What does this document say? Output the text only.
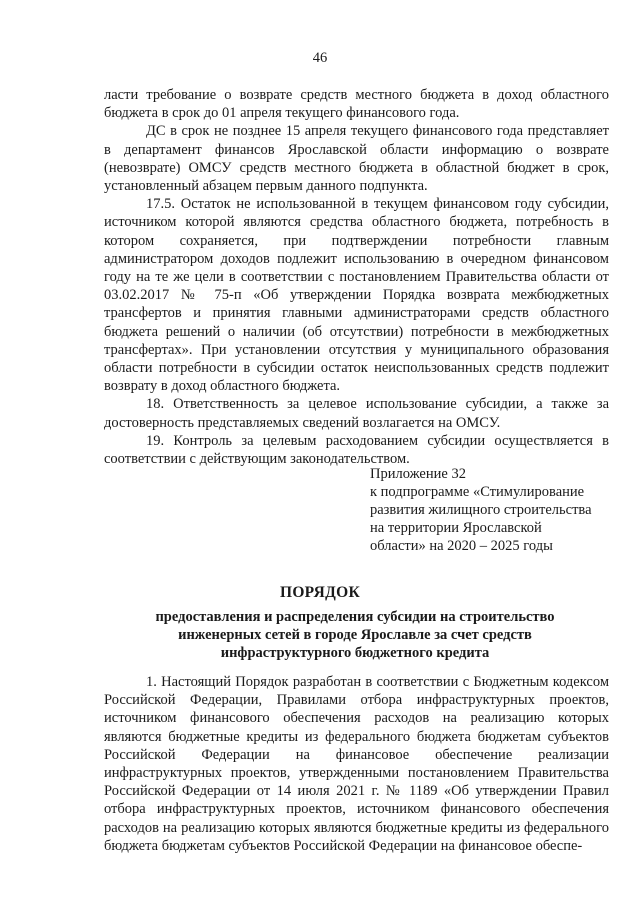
46

ласти требование о возврате средств местного бюджета в доход областного бюджета в срок до 01 апреля текущего финансового года.

ДС в срок не позднее 15 апреля текущего финансового года представляет в департамент финансов Ярославской области информацию о возврате (невозврате) ОМСУ средств местного бюджета в областной бюджет в срок, установленный абзацем первым данного подпункта.

17.5. Остаток не использованной в текущем финансовом году субсидии, источником которой являются средства областного бюджета, потребность в котором сохраняется, при подтверждении потребности главным администратором доходов подлежит использованию в очередном финансовом году на те же цели в соответствии с постановлением Правительства области от 03.02.2017 № 75-п «Об утверждении Порядка возврата межбюджетных трансфертов и принятия главными администраторами средств областного бюджета решений о наличии (об отсутствии) потребности в межбюджетных трансфертах». При установлении отсутствия у муниципального образования области потребности в субсидии остаток неиспользованных средств подлежит возврату в доход областного бюджета.

18. Ответственность за целевое использование субсидии, а также за достоверность представляемых сведений возлагается на ОМСУ.

19. Контроль за целевым расходованием субсидии осуществляется в соответствии с действующим законодательством.

Приложение 32
к подпрограмме «Стимулирование
развития жилищного строительства
на территории Ярославской
области» на 2020 – 2025 годы
ПОРЯДОК
предоставления и распределения субсидии на строительство
инженерных сетей в городе Ярославле за счет средств
инфраструктурного бюджетного кредита

1. Настоящий Порядок разработан в соответствии с Бюджетным кодексом Российской Федерации, Правилами отбора инфраструктурных проектов, источником финансового обеспечения расходов на реализацию которых являются бюджетные кредиты из федерального бюджета бюджетам субъектов Российской Федерации на финансовое обеспечение реализации инфраструктурных проектов, утвержденными постановлением Правительства Российской Федерации от 14 июля 2021 г. № 1189 «Об утверждении Правил отбора инфраструктурных проектов, источником финансового обеспечения расходов на реализацию которых являются бюджетные кредиты из федерального бюджета бюджетам субъектов Российской Федерации на финансовое обеспе-
